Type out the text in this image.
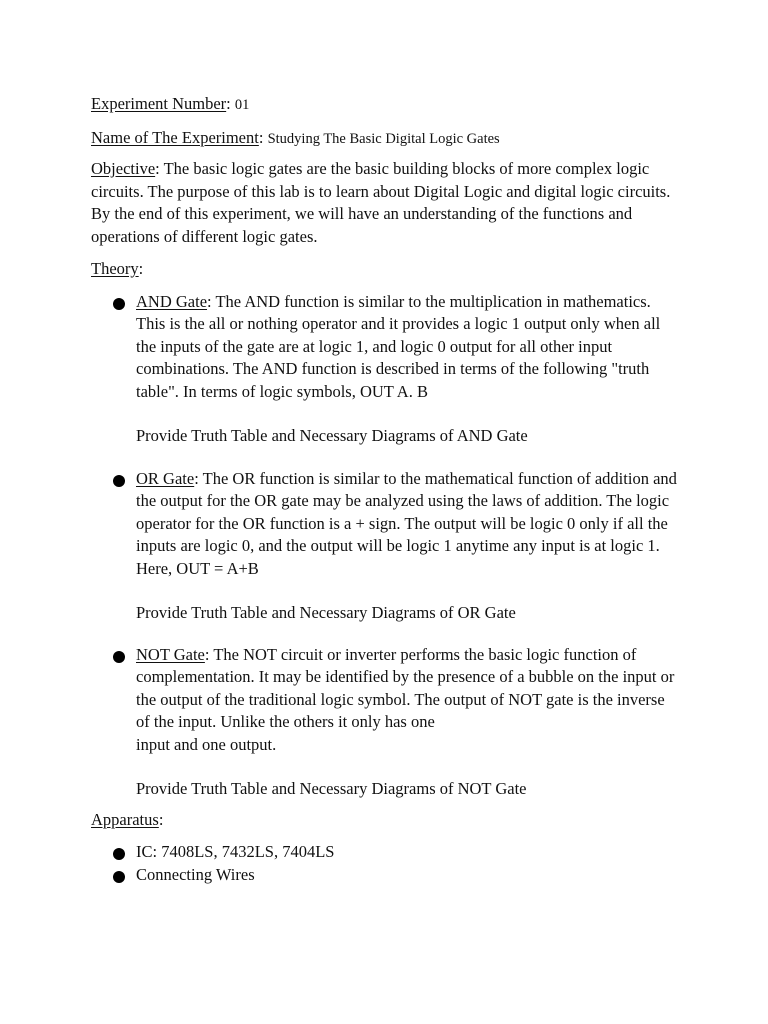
Experiment Number: 01

Name of The Experiment: Studying The Basic Digital Logic Gates

Objective: The basic logic gates are the basic building blocks of more complex logic circuits. The purpose of this lab is to learn about Digital Logic and digital logic circuits. By the end of this experiment, we will have an understanding of the functions and operations of different logic gates.

Theory:

AND Gate: The AND function is similar to the multiplication in mathematics. This is the all or nothing operator and it provides a logic 1 output only when all the inputs of the gate are at logic 1, and logic 0 output for all other input combinations. The AND function is described in terms of the following "truth table". In terms of logic symbols, OUT A. B
Provide Truth Table and Necessary Diagrams of AND Gate
OR Gate: The OR function is similar to the mathematical function of addition and the output for the OR gate may be analyzed using the laws of addition. The logic operator for the OR function is a + sign. The output will be logic 0 only if all the inputs are logic 0, and the output will be logic 1 anytime any input is at logic 1. Here, OUT = A+B
Provide Truth Table and Necessary Diagrams of OR Gate
NOT Gate: The NOT circuit or inverter performs the basic logic function of complementation. It may be identified by the presence of a bubble on the input or the output of the traditional logic symbol. The output of NOT gate is the inverse of the input. Unlike the others it only has one
input and one output.
Provide Truth Table and Necessary Diagrams of NOT Gate

Apparatus:

IC: 7408LS, 7432LS, 7404LS
Connecting Wires
